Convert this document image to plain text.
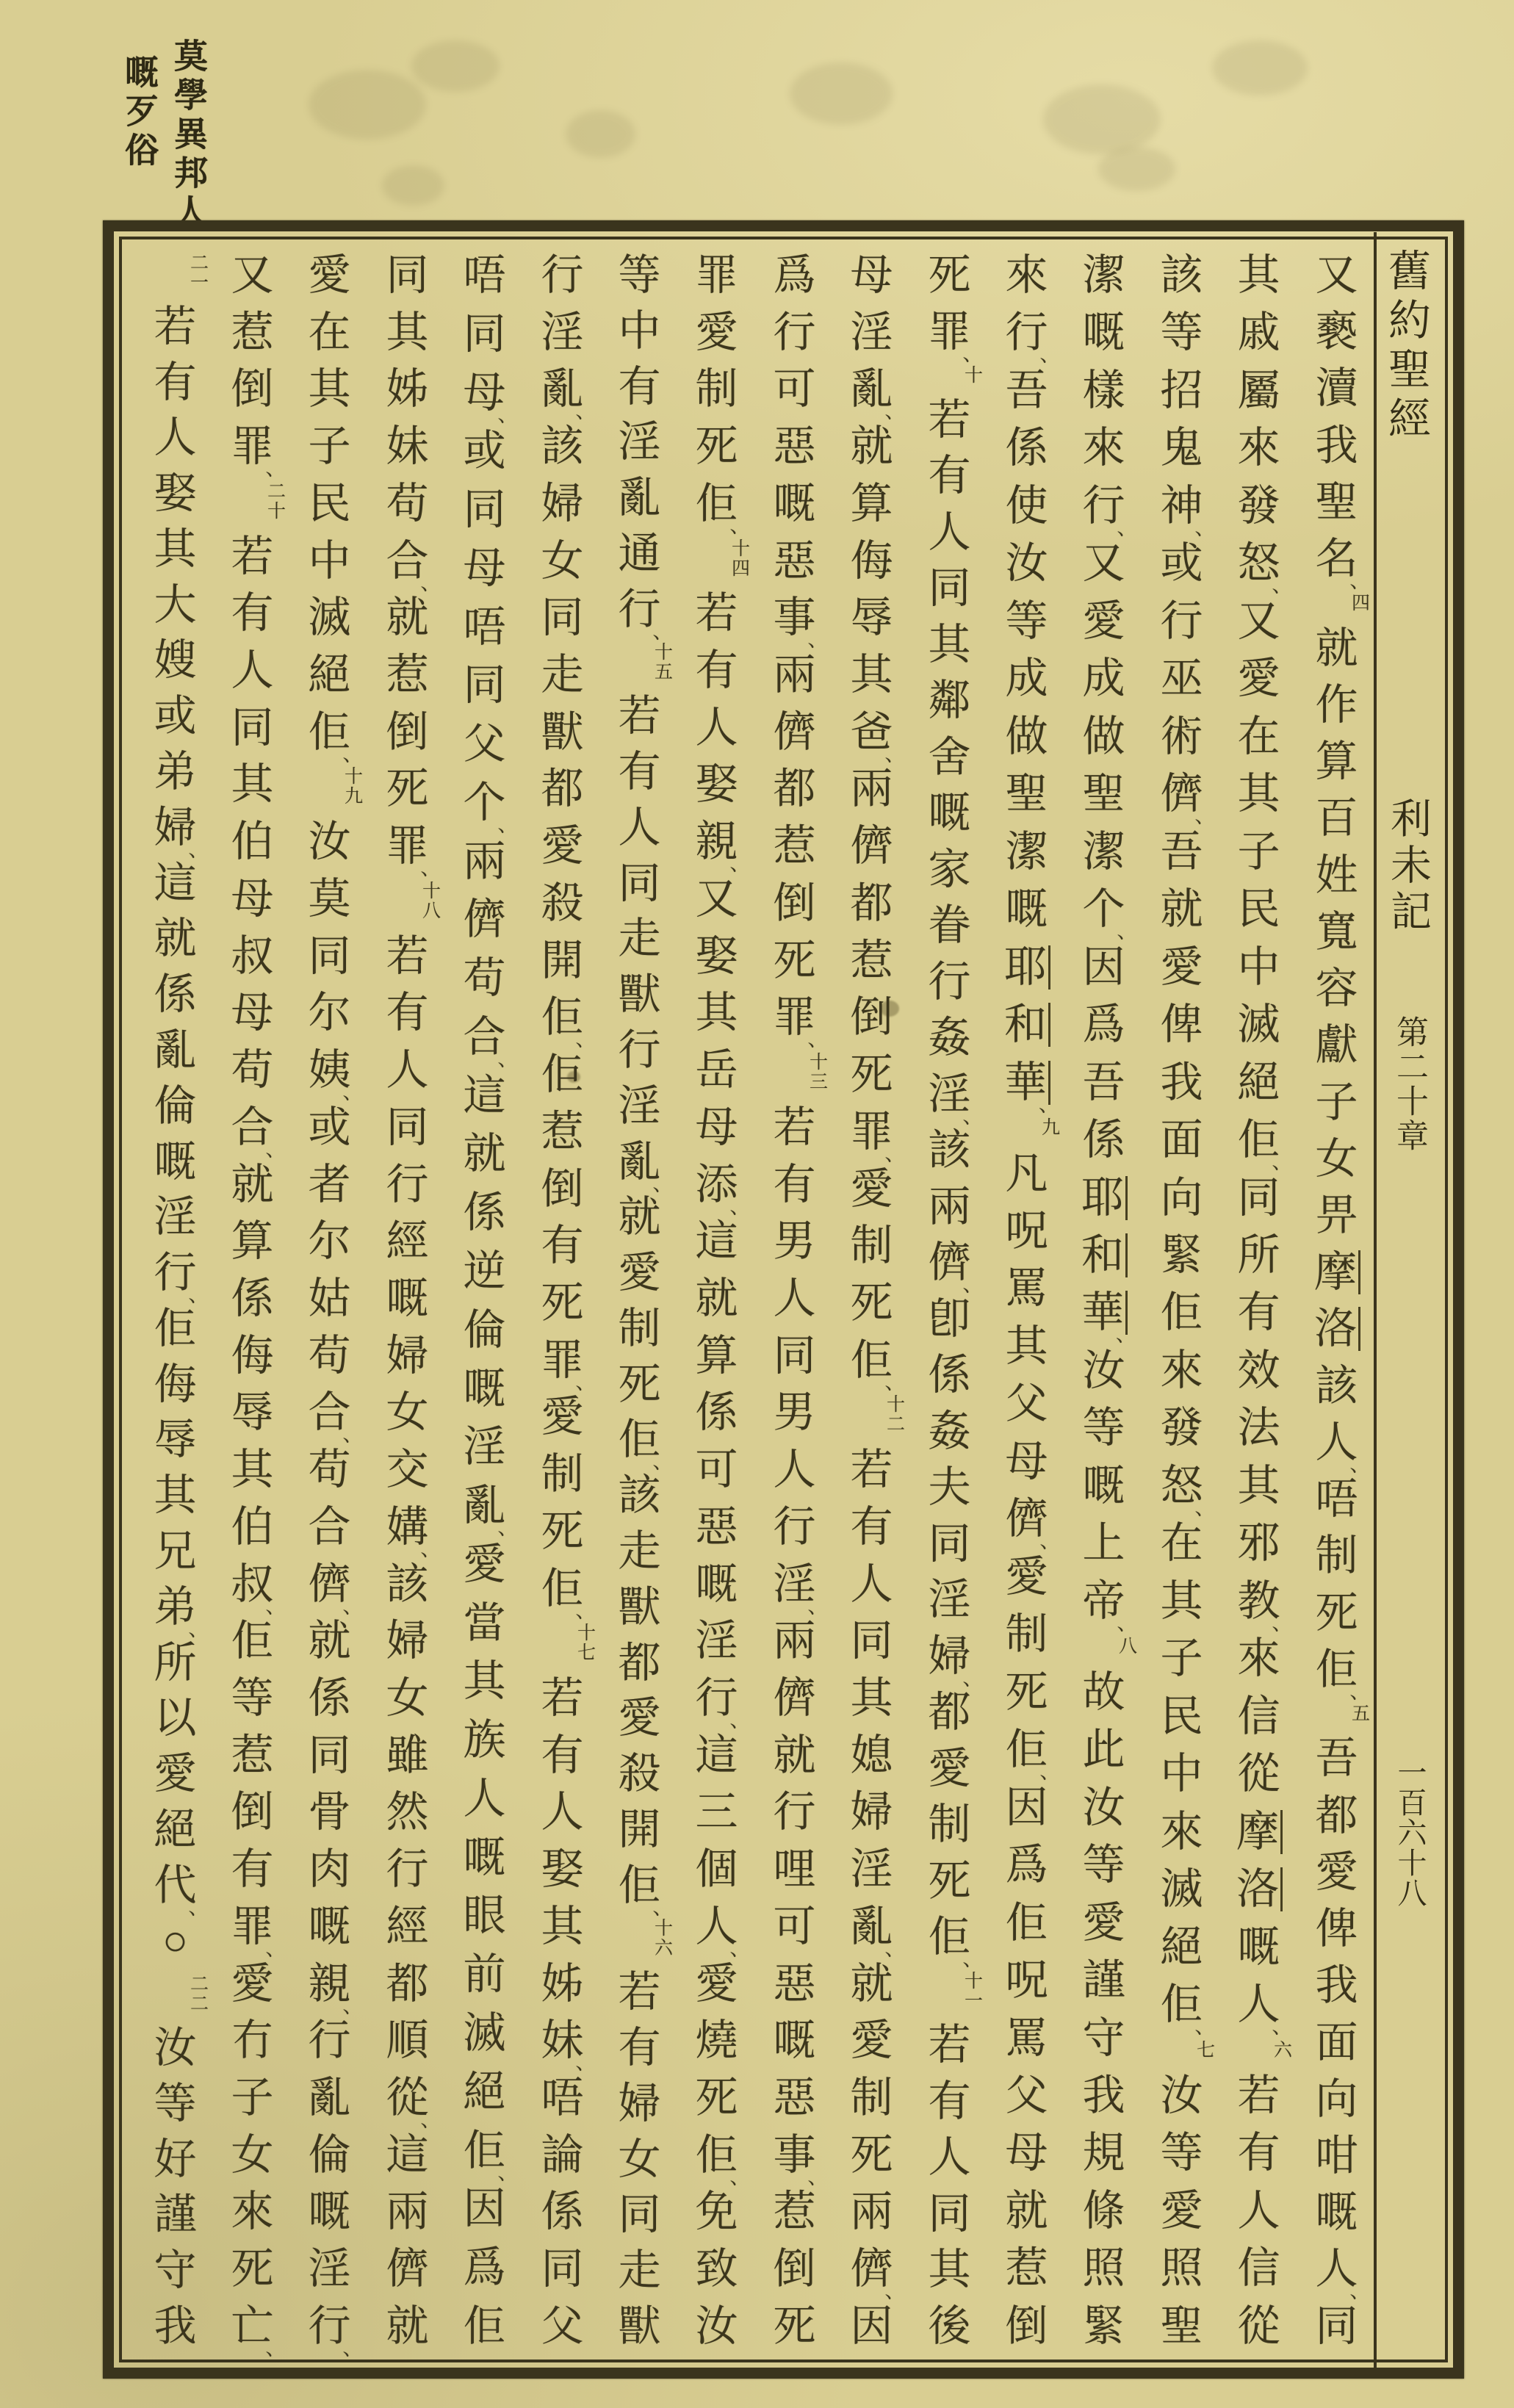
莫學異邦人
嘅歹俗
舊約聖經
利未記
第二十章
一百六十八
又
褻
瀆
我
聖
名
、
四
就
作
算
百
姓
寬
容
獻
子
女
畀
摩
洛
該
人
、
唔
制
死
佢
、
五
吾
都
愛
俾
我
面
向
咁
嘅
人
、
同
其
戚
屬
來
發
怒
、
又
愛
在
其
子
民
中
滅
絕
佢
、
同
所
有
效
法
其
邪
教
、
來
信
從
摩
洛
嘅
人
、
六
若
有
人
信
從
該
等
招
鬼
神
、
或
行
巫
術
儕
、
吾
就
愛
俾
我
面
向
緊
佢
來
發
怒
、
在
其
子
民
中
來
滅
絕
佢
、
七
汝
等
愛
照
聖
潔
嘅
樣
來
行
、
又
愛
成
做
聖
潔
个
、
因
爲
吾
係
耶
和
華
、
汝
等
嘅
上
帝
、
八
故
此
汝
等
愛
謹
守
我
規
條
照
緊
來
行
、
吾
係
使
汝
等
成
做
聖
潔
嘅
耶
和
華
、
九
凡
呪
罵
其
父
母
儕
、
愛
制
死
佢
、
因
爲
佢
呪
罵
父
母
就
惹
倒
死
罪
、
十
若
有
人
同
其
鄰
舍
嘅
家
眷
行
姦
淫
、
該
兩
儕
、
卽
係
姦
夫
同
淫
婦
、
都
愛
制
死
佢
、
十
一
若
有
人
同
其
後
母
淫
亂
、
就
算
侮
辱
其
爸
、
兩
儕
都
惹
倒
死
罪
、
愛
制
死
佢
、
十
二
若
有
人
同
其
媳
婦
淫
亂
、
就
愛
制
死
兩
儕
、
因
爲
行
可
惡
嘅
惡
事
、
兩
儕
都
惹
倒
死
罪
、
十
三
若
有
男
人
同
男
人
行
淫
、
兩
儕
就
行
哩
可
惡
嘅
惡
事
、
惹
倒
死
罪
愛
制
死
佢
、
十
四
若
有
人
娶
親
、
又
娶
其
岳
母
添
、
這
就
算
係
可
惡
嘅
淫
行
、
這
三
個
人
、
愛
燒
死
佢
、
免
致
汝
等
中
有
淫
亂
通
行
、
十
五
若
有
人
同
走
獸
行
淫
亂
、
就
愛
制
死
佢
、
該
走
獸
都
愛
殺
開
佢
、
十
六
若
有
婦
女
同
走
獸
行
淫
亂
、
該
婦
女
同
走
獸
都
愛
殺
開
佢
、
佢
惹
倒
有
死
罪
、
愛
制
死
佢
、
十
七
若
有
人
娶
其
姊
妹
、
唔
論
係
同
父
唔
同
母
、
或
同
母
唔
同
父
个
、
兩
儕
苟
合
、
這
就
係
逆
倫
嘅
淫
亂
、
愛
當
其
族
人
嘅
眼
前
滅
絕
佢
、
因
爲
佢
同
其
姊
妹
苟
合
、
就
惹
倒
死
罪
、
十
八
若
有
人
同
行
經
嘅
婦
女
交
媾
、
該
婦
女
雖
然
行
經
都
順
從
、
這
兩
儕
就
愛
在
其
子
民
中
滅
絕
佢
、
十
九
汝
莫
同
尔
姨
、
或
者
尔
姑
苟
合
、
苟
合
儕
、
就
係
同
骨
肉
嘅
親
、
行
亂
倫
嘅
淫
行
、
又
惹
倒
罪
、
二
十
若
有
人
同
其
伯
母
叔
母
苟
合
、
就
算
係
侮
辱
其
伯
叔
、
佢
等
惹
倒
有
罪
、
愛
冇
子
女
來
死
亡
、
二
一
若
有
人
娶
其
大
嫂
或
弟
婦
、
這
就
係
亂
倫
嘅
淫
行
、
佢
侮
辱
其
兄
弟
、
所
以
愛
絕
代
、
○
二
二
汝
等
好
謹
守
我
